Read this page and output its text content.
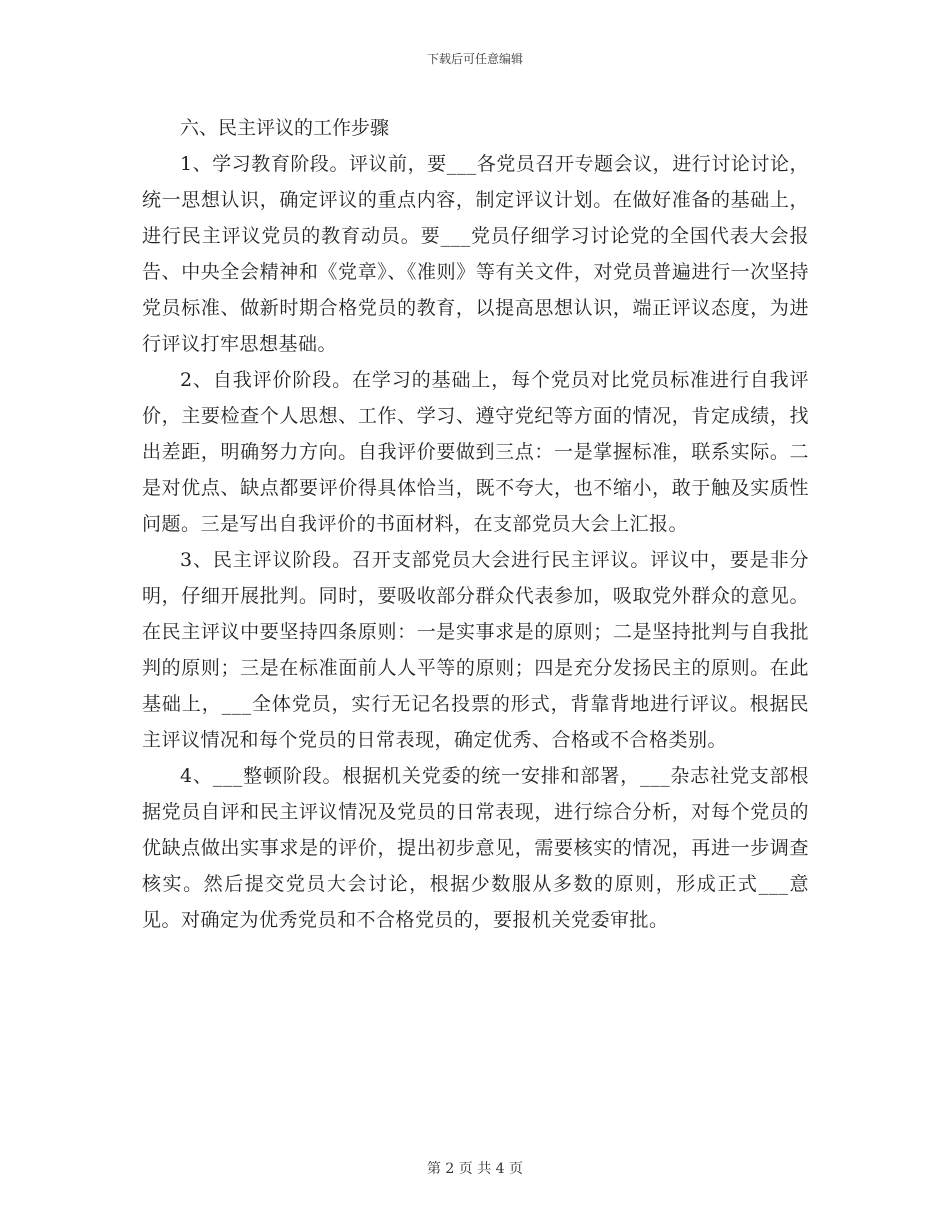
下载后可任意编辑
六、民主评议的工作步骤

1、学习教育阶段。评议前，要___各党员召开专题会议，进行讨论讨论，统一思想认识，确定评议的重点内容，制定评议计划。在做好准备的基础上，进行民主评议党员的教育动员。要___党员仔细学习讨论党的全国代表大会报告、中央全会精神和《党章》、《准则》等有关文件，对党员普遍进行一次坚持党员标准、做新时期合格党员的教育，以提高思想认识，端正评议态度，为进行评议打牢思想基础。

2、自我评价阶段。在学习的基础上，每个党员对比党员标准进行自我评价，主要检查个人思想、工作、学习、遵守党纪等方面的情况，肯定成绩，找出差距，明确努力方向。自我评价要做到三点：一是掌握标准，联系实际。二是对优点、缺点都要评价得具体恰当，既不夸大，也不缩小，敢于触及实质性问题。三是写出自我评价的书面材料，在支部党员大会上汇报。

3、民主评议阶段。召开支部党员大会进行民主评议。评议中，要是非分明，仔细开展批判。同时，要吸收部分群众代表参加，吸取党外群众的意见。在民主评议中要坚持四条原则：一是实事求是的原则；二是坚持批判与自我批判的原则；三是在标准面前人人平等的原则；四是充分发扬民主的原则。在此基础上，___全体党员，实行无记名投票的形式，背靠背地进行评议。根据民主评议情况和每个党员的日常表现，确定优秀、合格或不合格类别。

4、___整顿阶段。根据机关党委的统一安排和部署，___杂志社党支部根据党员自评和民主评议情况及党员的日常表现，进行综合分析，对每个党员的优缺点做出实事求是的评价，提出初步意见，需要核实的情况，再进一步调查核实。然后提交党员大会讨论，根据少数服从多数的原则，形成正式___意见。对确定为优秀党员和不合格党员的，要报机关党委审批。

第 2 页 共 4 页
